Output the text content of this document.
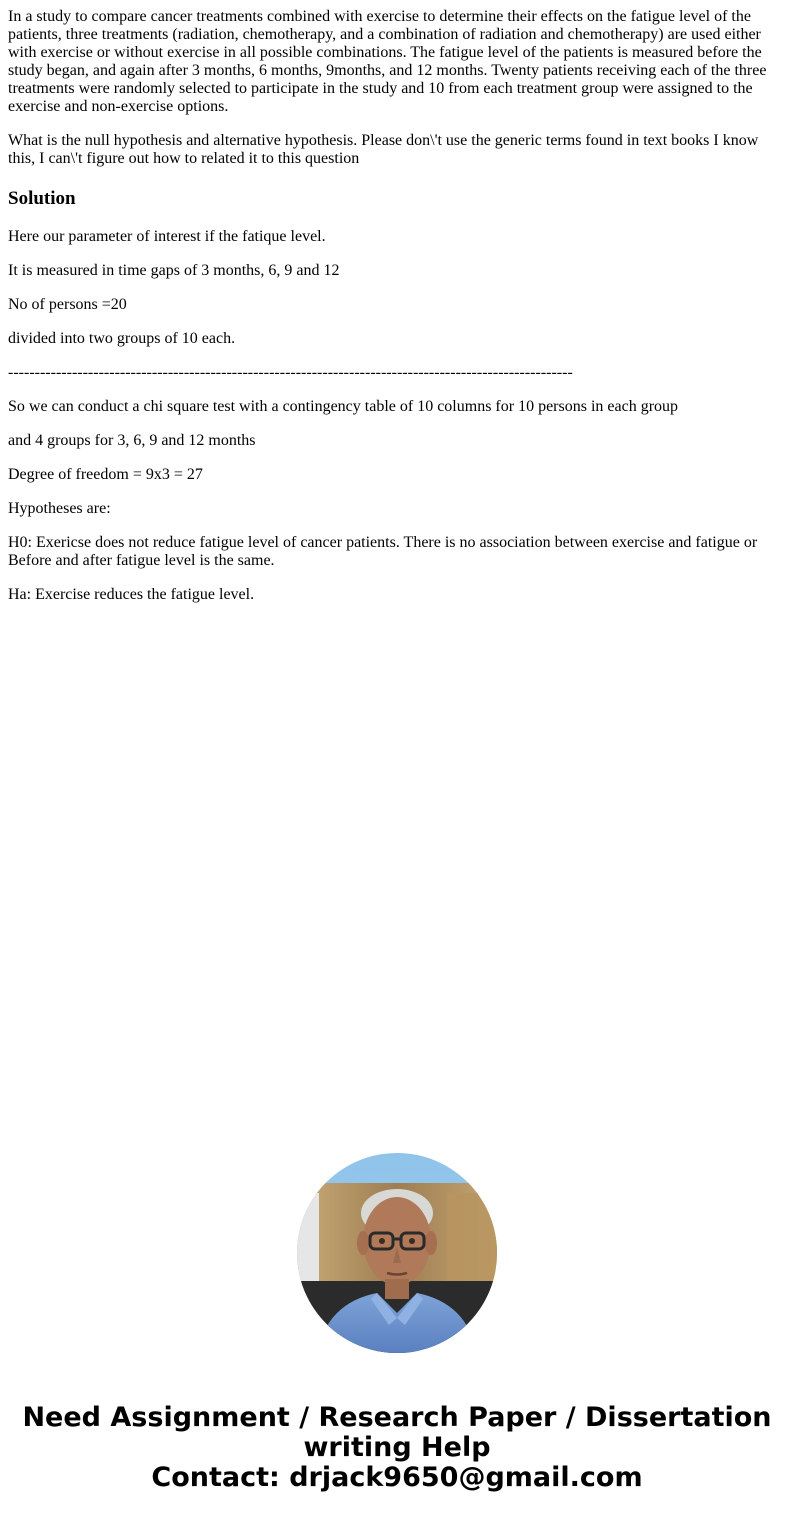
In a study to compare cancer treatments combined with exercise to determine their effects on the fatigue level of the patients, three treatments (radiation, chemotherapy, and a combination of radiation and chemotherapy) are used either with exercise or without exercise in all possible combinations. The fatigue level of the patients is measured before the study began, and again after 3 months, 6 months, 9months, and 12 months. Twenty patients receiving each of the three treatments were randomly selected to participate in the study and 10 from each treatment group were assigned to the exercise and non-exercise options.

What is the null hypothesis and alternative hypothesis. Please don\'t use the generic terms found in text books I know this, I can\'t figure out how to related it to this question

Solution

Here our parameter of interest if the fatique level.

It is measured in time gaps of 3 months, 6, 9 and 12

No of persons =20

divided into two groups of 10 each.

----------------------------------------------------------------------------------------------------------

So we can conduct a chi square test with a contingency table of 10 columns for 10 persons in each group

and 4 groups for 3, 6, 9 and 12 months

Degree of freedom = 9x3 = 27

Hypotheses are:

H0: Exericse does not reduce fatigue level of cancer patients. There is no association between exercise and fatigue or Before and after fatigue level is the same.

Ha: Exercise reduces the fatigue level.

Need Assignment / Research Paper / Dissertation
writing Help
Contact: drjack9650@gmail.com
